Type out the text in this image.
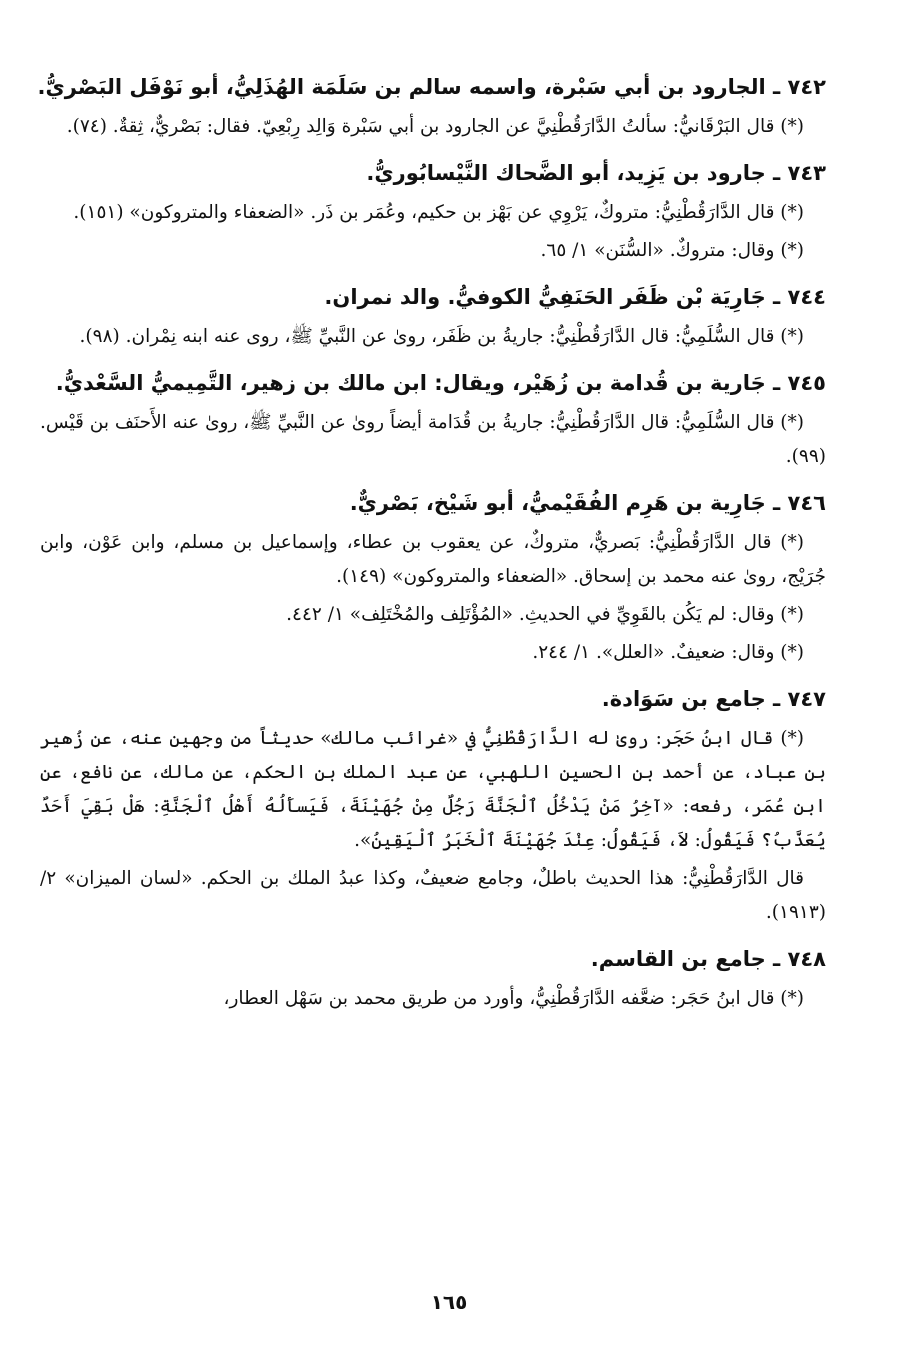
٧٤٢ ـ الجارود بن أبي سَبْرة، واسمه سالم بن سَلَمَة الهُذَلِيُّ، أبو نَوْفَل البَصْريُّ.

(*) قال البَرْقَانيُّ: سألتُ الدَّارَقُطْنِيَّ عن الجارود بن أبي سَبْرة وَالِد رِبْعِيّ. فقال: بَصْريٌّ، ثِقةٌ. (٧٤).

٧٤٣ ـ جارود بن يَزِيد، أبو الضَّحاك النَّيْسابُوريُّ.

(*) قال الدَّارَقُطْنِيُّ: متروكٌ، يَرْوِي عن بَهْز بن حكيم، وعُمَر بن ذَر. «الضعفاء والمتروكون» (١٥١).

(*) وقال: متروكٌ. «السُّنَن» ١/ ٦٥.

٧٤٤ ـ جَارِيَة بْن ظَفَر الحَنَفِيُّ الكوفيُّ. والد نمران.

(*) قال السُّلَمِيُّ: قال الدَّارَقُطْنِيُّ: جاريةُ بن ظَفَر، روىٰ عن النَّبيِّ ﷺ، روى عنه ابنه نِمْران. (٩٨).

٧٤٥ ـ جَارية بن قُدامة بن زُهَيْر، ويقال: ابن مالك بن زهير، التَّمِيميُّ السَّعْديُّ.

(*) قال السُّلَمِيُّ: قال الدَّارَقُطْنِيُّ: جاريةُ بن قُدَامة أيضاً روىٰ عن النَّبيِّ ﷺ، روىٰ عنه الأَحنَف بن قَيْس. (٩٩).

٧٤٦ ـ جَارِية بن هَرِم الفُقَيْميُّ، أبو شَيْخ، بَصْريٌّ.

(*) قال الدَّارَقُطْنِيُّ: بَصريٌّ، متروكٌ، عن يعقوب بن عطاء، وإسماعيل بن مسلم، وابن عَوْن، وابن جُرَيْج، روىٰ عنه محمد بن إسحاق. «الضعفاء والمتروكون» (١٤٩).

(*) وقال: لم يَكُن بالقَوِيِّ في الحديثِ. «المُؤْتَلِف والمُخْتَلِف» ١/ ٤٤٢.

(*) وقال: ضعيفٌ. «العلل». ١/ ٢٤٤.

٧٤٧ ـ جامع بن سَوَادة.

(*) قال ابنُ حَجَر: روىٰ له الدَّارَقُطْنِيُّ في «غرائب مالك» حديثاً من وجهين عنه، عن زُهير بن عباد، عن أحمد بن الحسين اللهبي، عن عبد الملك بن الحكم، عن مالك، عن نافع، عن ابن عُمَر، رفعه: «آخِرُ مَنْ يَدْخُلُ ٱلْجَنَّةَ رَجُلٌ مِنْ جُهَيْنَةَ، فَيَسأَلُهُ أَهْلُ ٱلْجَنَّةِ: هَلْ بَقِيَ أَحَدٌ يُعَذَّبُ؟ فَيَقُولُ: لاَ، فَيَقُولُ: عِنْدَ جُهَيْنَةَ ٱلْخَبَرُ ٱلْيَقِينُ».

قال الدَّارَقُطْنِيُّ: هذا الحديث باطلٌ، وجامع ضعيفٌ، وكذا عبدُ الملك بن الحكم. «لسان الميزان» ٢/ (١٩١٣).

٧٤٨ ـ جامع بن القاسم.

(*) قال ابنُ حَجَر: ضعَّفه الدَّارَقُطْنِيُّ، وأورد من طريق محمد بن سَهْل العطار،

١٦٥
